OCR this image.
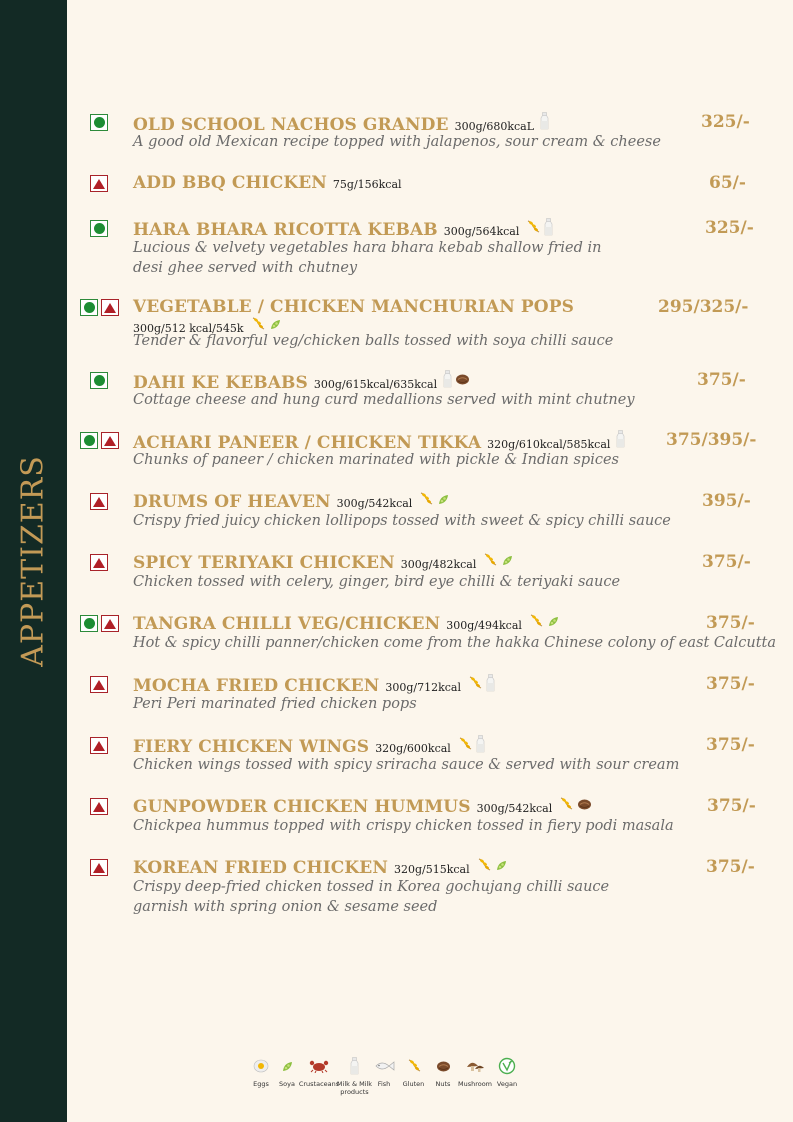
APPETIZERS
OLD SCHOOL NACHOS GRANDE 300g/680kcaL	325/-
A good old Mexican recipe topped with jalapenos, sour cream & cheese
ADD BBQ CHICKEN 75g/156kcal	65/-
HARA BHARA RICOTTA KEBAB 300g/564kcal	325/-
Lucious & velvety vegetables hara bhara kebab shallow fried in
desi ghee served with chutney
VEGETABLE / CHICKEN MANCHURIAN POPS	295/325/-
300g/512 kcal/545k
Tender & flavorful veg/chicken balls tossed with soya chilli sauce
DAHI KE KEBABS 300g/615kcal/635kcal	375/-
Cottage cheese and hung curd medallions served with mint chutney
ACHARI PANEER / CHICKEN TIKKA 320g/610kcal/585kcal	375/395/-
Chunks of paneer / chicken marinated with pickle & Indian spices
DRUMS OF HEAVEN 300g/542kcal	395/-
Crispy fried juicy chicken lollipops tossed with sweet & spicy chilli sauce
SPICY TERIYAKI CHICKEN 300g/482kcal	375/-
Chicken tossed with celery, ginger, bird eye chilli & teriyaki sauce
TANGRA CHILLI VEG/CHICKEN 300g/494kcal	375/-
Hot & spicy chilli panner/chicken come from the hakka Chinese colony of east Calcutta
MOCHA FRIED CHICKEN 300g/712kcal	375/-
Peri Peri marinated fried chicken pops
FIERY CHICKEN WINGS 320g/600kcal	375/-
Chicken wings tossed with spicy sriracha sauce & served with sour cream
GUNPOWDER CHICKEN HUMMUS 300g/542kcal	375/-
Chickpea hummus topped with crispy chicken tossed in fiery podi masala
KOREAN FRIED CHICKEN 320g/515kcal	375/-
Crispy deep-fried chicken tossed in Korea gochujang chilli sauce
garnish with spring onion & sesame seed
Eggs Soya Crustaceans
Milk & Milk products
Fish Gluten Nuts Mushroom Vegan
